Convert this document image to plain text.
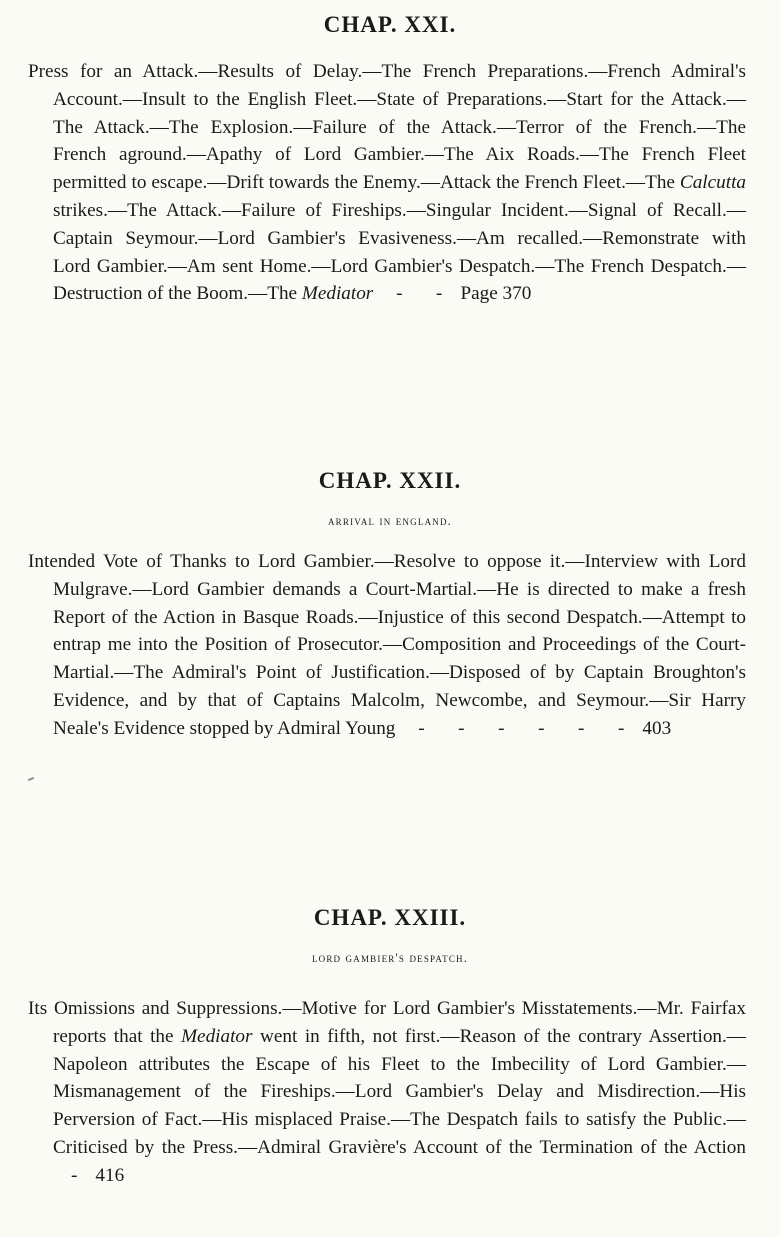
CHAP. XXI.

Press for an Attack.—Results of Delay.—The French Preparations.—French Admiral's Account.—Insult to the English Fleet.—State of Preparations.—Start for the Attack.—The Attack.—The Explosion.—Failure of the Attack.—Terror of the French.—The French aground.—Apathy of Lord Gambier.—The Aix Roads.—The French Fleet permitted to escape.—Drift towards the Enemy.—Attack the French Fleet.—The Calcutta strikes.—The Attack.—Failure of Fireships.—Singular Incident.—Signal of Recall.—Captain Seymour.—Lord Gambier's Evasiveness.—Am recalled.—Remonstrate with Lord Gambier.—Am sent Home.—Lord Gambier's Despatch.—The French Despatch.—Destruction of the Boom.—The Mediator -       - Page 370

CHAP. XXII.

arrival in england.

Intended Vote of Thanks to Lord Gambier.—Resolve to oppose it.—Interview with Lord Mulgrave.—Lord Gambier demands a Court-Martial.—He is directed to make a fresh Report of the Action in Basque Roads.—Injustice of this second Despatch.—Attempt to entrap me into the Position of Prosecutor.—Composition and Proceedings of the Court-Martial.—The Admiral's Point of Justification.—Disposed of by Captain Broughton's Evidence, and by that of Captains Malcolm, Newcombe, and Seymour.—Sir Harry Neale's Evidence stopped by Admiral Young -       -       -       -       -       - 403

CHAP. XXIII.

lord gambier's despatch.

Its Omissions and Suppressions.—Motive for Lord Gambier's Misstatements.—Mr. Fairfax reports that the Mediator went in fifth, not first.—Reason of the contrary Assertion.—Napoleon attributes the Escape of his Fleet to the Imbecility of Lord Gambier.—Mismanagement of the Fireships.—Lord Gambier's Delay and Misdirection.—His Perversion of Fact.—His misplaced Praise.—The Despatch fails to satisfy the Public.—Criticised by the Press.—Admiral Gravière's Account of the Termination of the Action - 416
